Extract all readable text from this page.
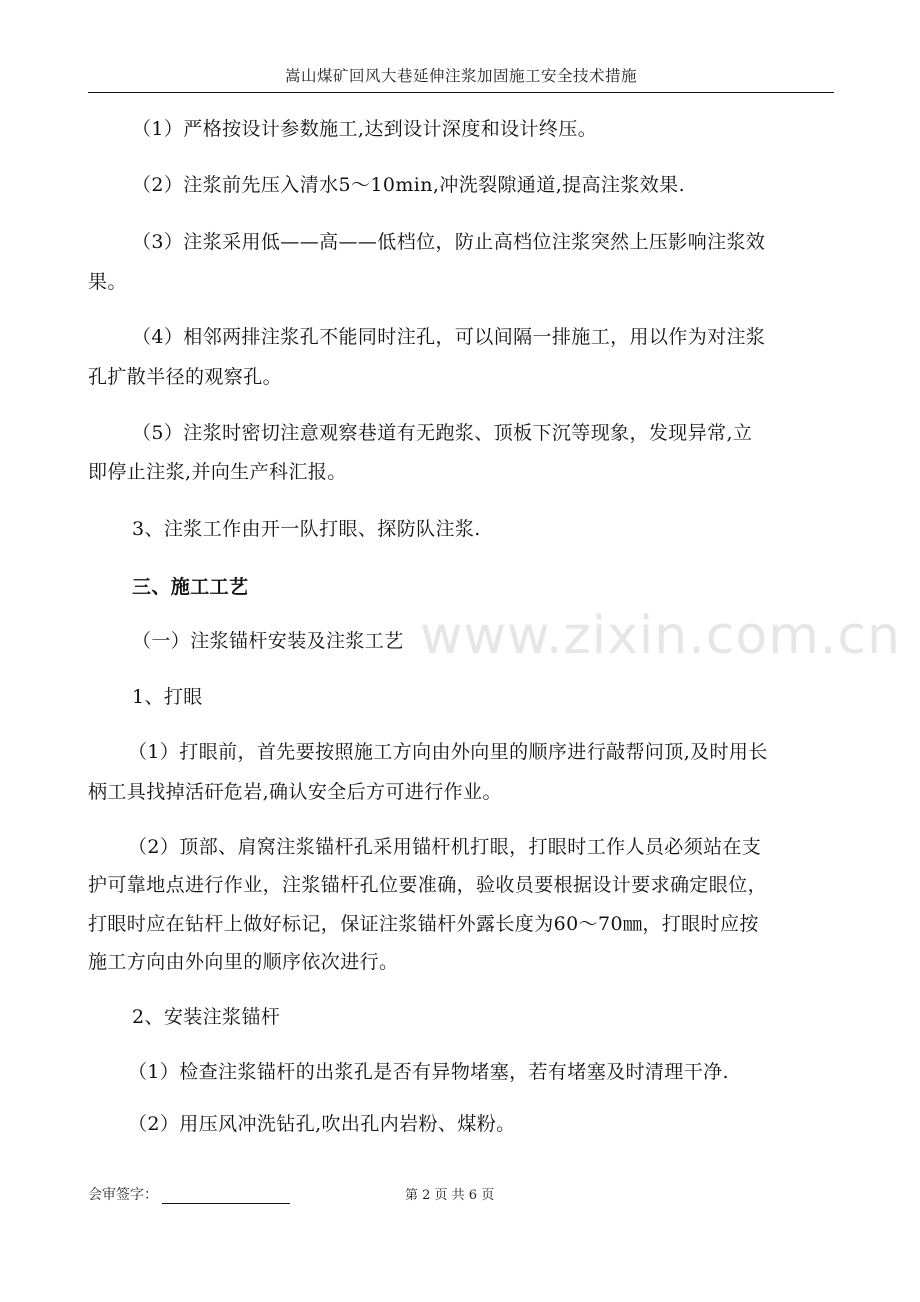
嵩山煤矿回风大巷延伸注浆加固施工安全技术措施
（1）严格按设计参数施工,达到设计深度和设计终压。
（2）注浆前先压入清水5～10min,冲洗裂隙通道,提高注浆效果.
（3）注浆采用低——高——低档位，防止高档位注浆突然上压影响注浆效
果。
（4）相邻两排注浆孔不能同时注孔，可以间隔一排施工，用以作为对注浆
孔扩散半径的观察孔。
（5）注浆时密切注意观察巷道有无跑浆、顶板下沉等现象，发现异常,立
即停止注浆,并向生产科汇报。
3、注浆工作由开一队打眼、探防队注浆.
三、施工工艺
（一）注浆锚杆安装及注浆工艺
1、打眼
（1）打眼前，首先要按照施工方向由外向里的顺序进行敲帮问顶,及时用长
柄工具找掉活矸危岩,确认安全后方可进行作业。
（2）顶部、肩窝注浆锚杆孔采用锚杆机打眼，打眼时工作人员必须站在支
护可靠地点进行作业，注浆锚杆孔位要准确，验收员要根据设计要求确定眼位，
打眼时应在钻杆上做好标记，保证注浆锚杆外露长度为60～70㎜，打眼时应按
施工方向由外向里的顺序依次进行。
2、安装注浆锚杆
（1）检查注浆锚杆的出浆孔是否有异物堵塞，若有堵塞及时清理干净.
（2）用压风冲洗钻孔,吹出孔内岩粉、煤粉。
www.zixin.com.cn
会审签字：	第 2 页 共 6 页
